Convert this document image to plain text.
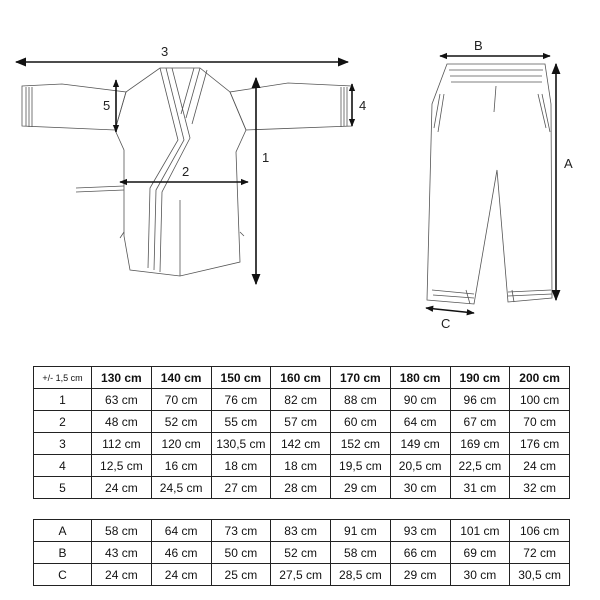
3
5	4
2
1
B
A
C
+/- 1,5 cm	130 cm	140 cm	150 cm	160 cm	170 cm	180 cm	190 cm	200 cm
1	63 cm	70 cm	76 cm	82 cm	88 cm	90 cm	96 cm	100 cm
2	48 cm	52 cm	55 cm	57 cm	60 cm	64 cm	67 cm	70 cm
3	112 cm	120 cm	130,5 cm	142 cm	152 cm	149 cm	169 cm	176 cm
4	12,5 cm	16 cm	18 cm	18 cm	19,5 cm	20,5 cm	22,5 cm	24 cm
5	24 cm	24,5 cm	27 cm	28 cm	29 cm	30 cm	31 cm	32 cm
A	58 cm	64 cm	73 cm	83 cm	91 cm	93 cm	101 cm	106 cm
B	43 cm	46 cm	50 cm	52 cm	58 cm	66 cm	69 cm	72 cm
C	24 cm	24 cm	25 cm	27,5 cm	28,5 cm	29 cm	30 cm	30,5 cm
